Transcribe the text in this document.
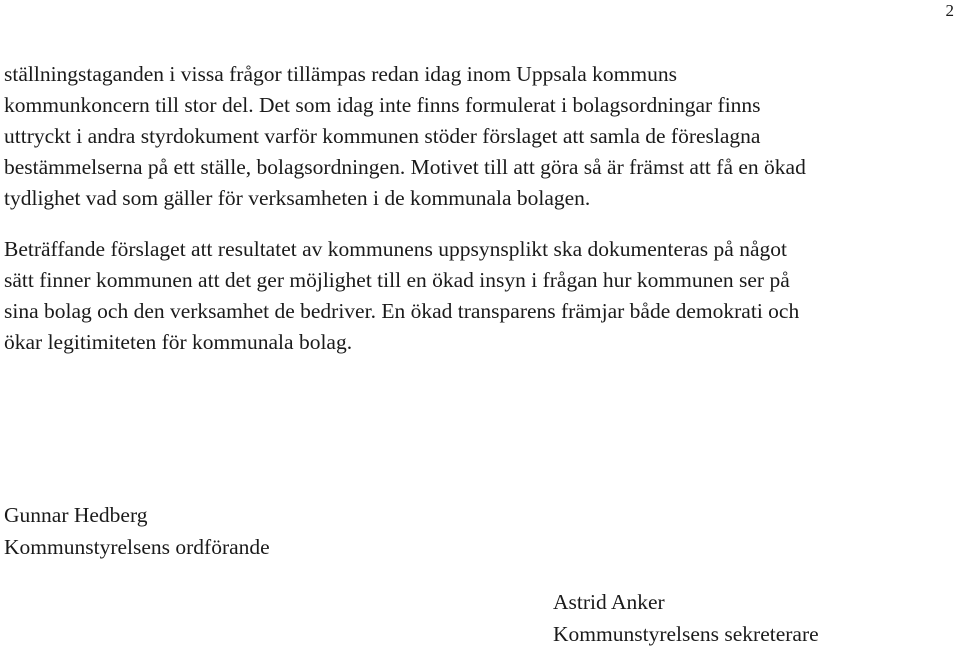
2

ställningstaganden i vissa frågor tillämpas redan idag inom Uppsala kommuns
kommunkoncern till stor del. Det som idag inte finns formulerat i bolagsordningar finns
uttryckt i andra styrdokument varför kommunen stöder förslaget att samla de föreslagna
bestämmelserna på ett ställe, bolagsordningen. Motivet till att göra så är främst att få en ökad
tydlighet vad som gäller för verksamheten i de kommunala bolagen.

Beträffande förslaget att resultatet av kommunens uppsynsplikt ska dokumenteras på något
sätt finner kommunen att det ger möjlighet till en ökad insyn i frågan hur kommunen ser på
sina bolag och den verksamhet de bedriver. En ökad transparens främjar både demokrati och
ökar legitimiteten för kommunala bolag.

Gunnar Hedberg
Kommunstyrelsens ordförande
Astrid Anker
Kommunstyrelsens sekreterare
